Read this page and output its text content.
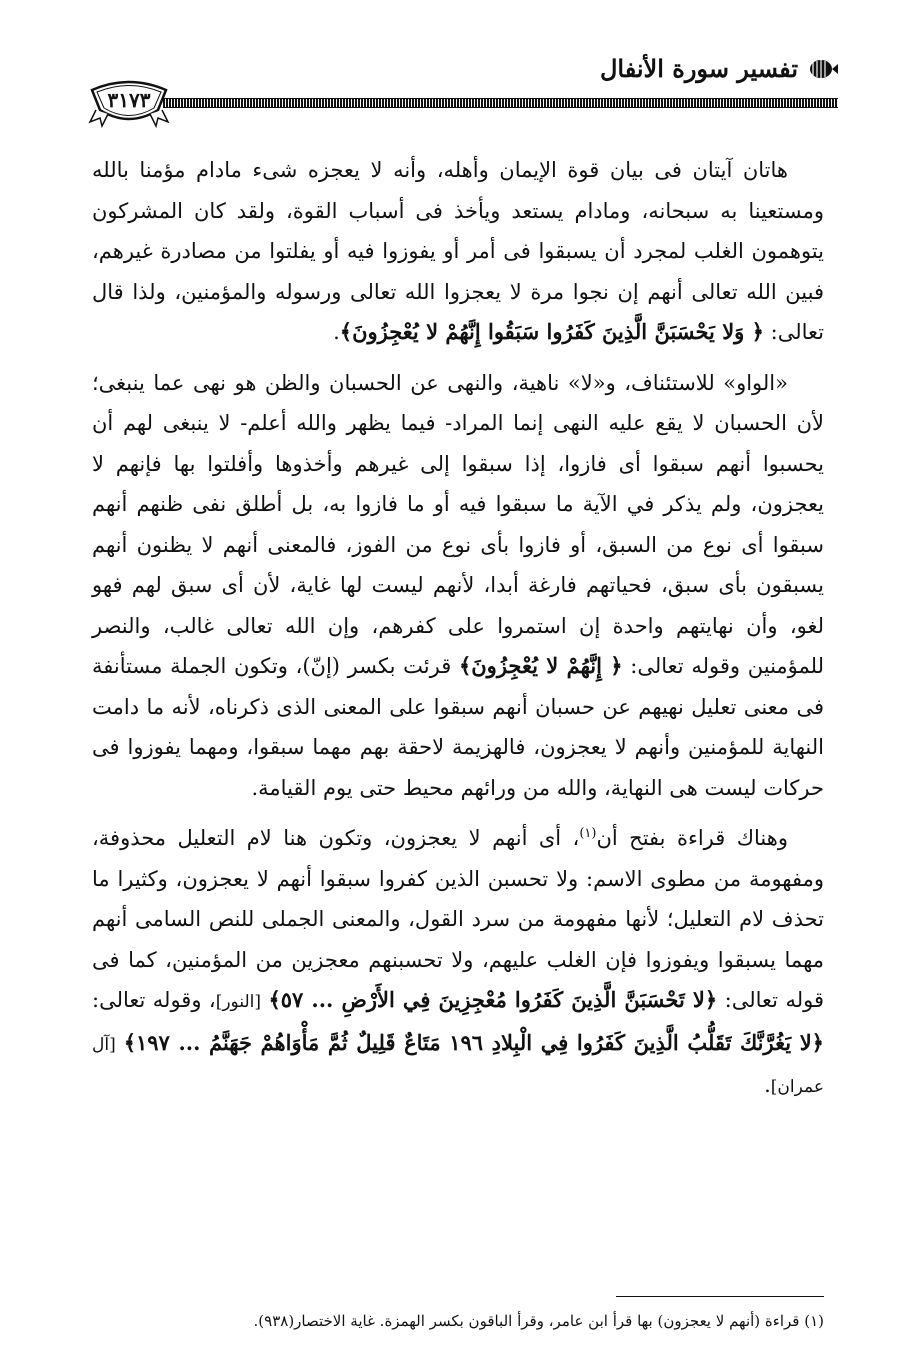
تفسير سورة الأنفال
٣١٧٣

هاتان آيتان فى بيان قوة الإيمان وأهله، وأنه لا يعجزه شىء مادام مؤمنا بالله ومستعينا به سبحانه، ومادام يستعد ويأخذ فى أسباب القوة، ولقد كان المشركون يتوهمون الغلب لمجرد أن يسبقوا فى أمر أو يفوزوا فيه أو يفلتوا من مصادرة غيرهم، فبين الله تعالى أنهم إن نجوا مرة لا يعجزوا الله تعالى ورسوله والمؤمنين، ولذا قال تعالى: ﴿ وَلا يَحْسَبَنَّ الَّذِينَ كَفَرُوا سَبَقُوا إِنَّهُمْ لا يُعْجِزُونَ﴾.

«الواو» للاستئناف، و«لا» ناهية، والنهى عن الحسبان والظن هو نهى عما ينبغى؛ لأن الحسبان لا يقع عليه النهى إنما المراد- فيما يظهر والله أعلم- لا ينبغى لهم أن يحسبوا أنهم سبقوا أى فازوا، إذا سبقوا إلى غيرهم وأخذوها وأفلتوا بها فإنهم لا يعجزون، ولم يذكر في الآية ما سبقوا فيه أو ما فازوا به، بل أطلق نفى ظنهم أنهم سبقوا أى نوع من السبق، أو فازوا بأى نوع من الفوز، فالمعنى أنهم لا يظنون أنهم يسبقون بأى سبق، فحياتهم فارغة أبدا، لأنهم ليست لها غاية، لأن أى سبق لهم فهو لغو، وأن نهايتهم واحدة إن استمروا على كفرهم، وإن الله تعالى غالب، والنصر للمؤمنين وقوله تعالى: ﴿ إِنَّهُمْ لا يُعْجِزُونَ﴾ قرئت بكسر (إنّ)، وتكون الجملة مستأنفة فى معنى تعليل نهيهم عن حسبان أنهم سبقوا على المعنى الذى ذكرناه، لأنه ما دامت النهاية للمؤمنين وأنهم لا يعجزون، فالهزيمة لاحقة بهم مهما سبقوا، ومهما يفوزوا فى حركات ليست هى النهاية، والله من ورائهم محيط حتى يوم القيامة.

وهناك قراءة بفتح أن$^{(١)}$، أى أنهم لا يعجزون، وتكون هنا لام التعليل محذوفة، ومفهومة من مطوى الاسم: ولا تحسبن الذين كفروا سبقوا أنهم لا يعجزون، وكثيرا ما تحذف لام التعليل؛ لأنها مفهومة من سرد القول، والمعنى الجملى للنص السامى أنهم مهما يسبقوا ويفوزوا فإن الغلب عليهم، ولا تحسبنهم معجزين من المؤمنين، كما فى قوله تعالى: ﴿لا تَحْسَبَنَّ الَّذِينَ كَفَرُوا مُعْجِزِينَ فِي الأَرْضِ ... ٥٧﴾ [النور]، وقوله تعالى: ﴿لا يَغُرَّنَّكَ تَقَلُّبُ الَّذِينَ كَفَرُوا فِي الْبِلادِ ١٩٦ مَتَاعٌ قَلِيلٌ ثُمَّ مَأْوَاهُمْ جَهَنَّمُ ... ١٩٧﴾ [آل عمران].

(١) قراءة (أنهم لا يعجزون) بها قرأ ابن عامر، وقرأ الباقون بكسر الهمزة. غاية الاختصار(٩٣٨).
